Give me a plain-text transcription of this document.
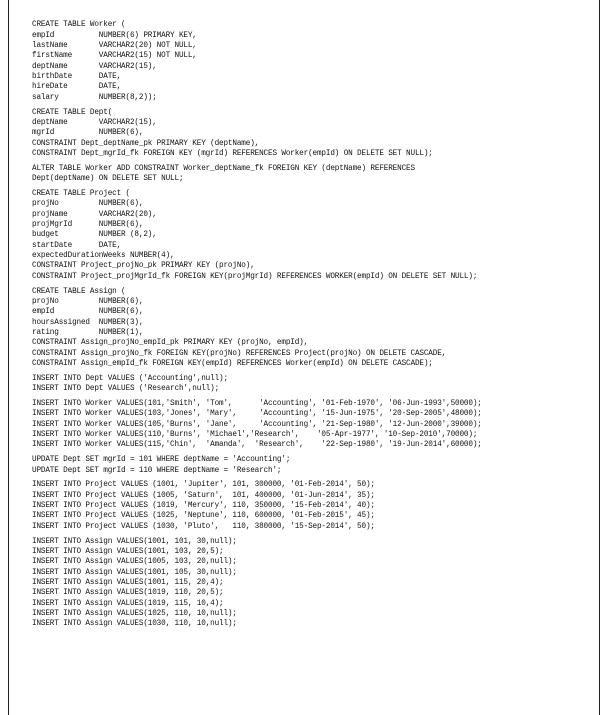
CREATE TABLE Worker (
empId          NUMBER(6) PRIMARY KEY,
lastName       VARCHAR2(20) NOT NULL,
firstName      VARCHAR2(15) NOT NULL,
deptName       VARCHAR2(15),
birthDate      DATE,
hireDate       DATE,
salary         NUMBER(8,2));
CREATE TABLE Dept(
deptName       VARCHAR2(15),
mgrId          NUMBER(6),
CONSTRAINT Dept_deptName_pk PRIMARY KEY (deptName),
CONSTRAINT Dept_mgrId_fk FOREIGN KEY (mgrId) REFERENCES Worker(empId) ON DELETE SET NULL);
ALTER TABLE Worker ADD CONSTRAINT Worker_deptName_fk FOREIGN KEY (deptName) REFERENCES
Dept(deptName) ON DELETE SET NULL;
CREATE TABLE Project (
projNo         NUMBER(6),
projName       VARCHAR2(20),
projMgrId      NUMBER(6),
budget         NUMBER (8,2),
startDate      DATE,
expectedDurationWeeks NUMBER(4),
CONSTRAINT Project_projNo_pk PRIMARY KEY (projNo),
CONSTRAINT Project_projMgrId_fk FOREIGN KEY(projMgrId) REFERENCES WORKER(empId) ON DELETE SET NULL);
CREATE TABLE Assign (
projNo         NUMBER(6),
empId          NUMBER(6),
hoursAssigned  NUMBER(3),
rating         NUMBER(1),
CONSTRAINT Assign_projNo_empId_pk PRIMARY KEY (projNo, empId),
CONSTRAINT Assign_projNo_fk FOREIGN KEY(projNo) REFERENCES Project(projNo) ON DELETE CASCADE,
CONSTRAINT Assign_empId_fk FOREIGN KEY(empId) REFERENCES Worker(empId) ON DELETE CASCADE);
INSERT INTO Dept VALUES ('Accounting',null);
INSERT INTO Dept VALUES ('Research',null);
INSERT INTO Worker VALUES(101,'Smith', 'Tom',      'Accounting', '01-Feb-1970', '06-Jun-1993',50000);
INSERT INTO Worker VALUES(103,'Jones', 'Mary',     'Accounting', '15-Jun-1975', '20-Sep-2005',48000);
INSERT INTO Worker VALUES(105,'Burns', 'Jane',     'Accounting', '21-Sep-1980', '12-Jun-2000',39000);
INSERT INTO Worker VALUES(110,'Burns', 'Michael','Research',    '05-Apr-1977', '10-Sep-2010',70000);
INSERT INTO Worker VALUES(115,'Chin',  'Amanda',  'Research',    '22-Sep-1980', '19-Jun-2014',60000);
UPDATE Dept SET mgrId = 101 WHERE deptName = 'Accounting';
UPDATE Dept SET mgrId = 110 WHERE deptName = 'Research';
INSERT INTO Project VALUES (1001, 'Jupiter', 101, 300000, '01-Feb-2014', 50);
INSERT INTO Project VALUES (1005, 'Saturn',  101, 400000, '01-Jun-2014', 35);
INSERT INTO Project VALUES (1019, 'Mercury', 110, 350000, '15-Feb-2014', 40);
INSERT INTO Project VALUES (1025, 'Neptune', 110, 600000, '01-Feb-2015', 45);
INSERT INTO Project VALUES (1030, 'Pluto',   110, 380000, '15-Sep-2014', 50);
INSERT INTO Assign VALUES(1001, 101, 30,null);
INSERT INTO Assign VALUES(1001, 103, 20,5);
INSERT INTO Assign VALUES(1005, 103, 20,null);
INSERT INTO Assign VALUES(1001, 105, 30,null);
INSERT INTO Assign VALUES(1001, 115, 20,4);
INSERT INTO Assign VALUES(1019, 110, 20,5);
INSERT INTO Assign VALUES(1019, 115, 10,4);
INSERT INTO Assign VALUES(1025, 110, 10,null);
INSERT INTO Assign VALUES(1030, 110, 10,null);
